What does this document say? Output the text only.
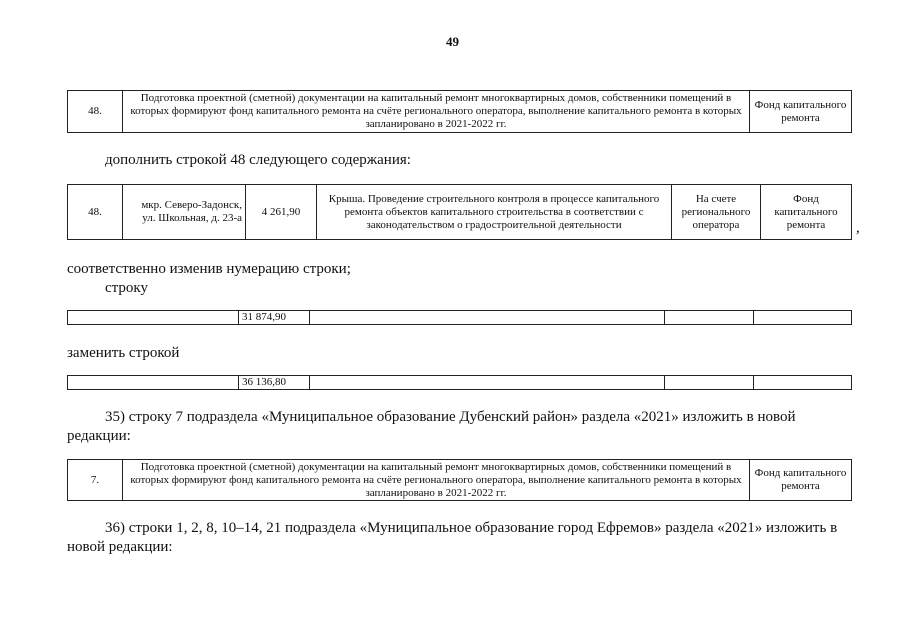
49
48.	Подготовка проектной (сметной) документации на капитальный ремонт многоквартирных домов, собственники помещений в которых формируют фонд капитального ремонта на счёте регионального оператора, выполнение капитального ремонта в которых запланировано в 2021-2022 гг.	Фонд капитального ремонта
дополнить строкой 48 следующего содержания:
48.	мкр. Северо-Задонск, ул. Школьная, д. 23-а	4 261,90	Крыша. Проведение строительного контроля в процессе капитального ремонта объектов капитального строительства в соответствии с законодательством о градостроительной деятельности	На счете регионального оператора	Фонд капитального ремонта ,
соответственно изменив нумерацию строки;
строку
	31 874,90			
заменить строкой
	36 136,80			
35) строку 7 подраздела «Муниципальное образование Дубенский район» раздела «2021» изложить в новой редакции:
7.	Подготовка проектной (сметной) документации на капитальный ремонт многоквартирных домов, собственники помещений в которых формируют фонд капитального ремонта на счёте регионального оператора, выполнение капитального ремонта в которых запланировано в 2021-2022 гг.	Фонд капитального ремонта
36) строки 1, 2, 8, 10–14, 21 подраздела «Муниципальное образование город Ефремов» раздела «2021» изложить в новой редакции:
